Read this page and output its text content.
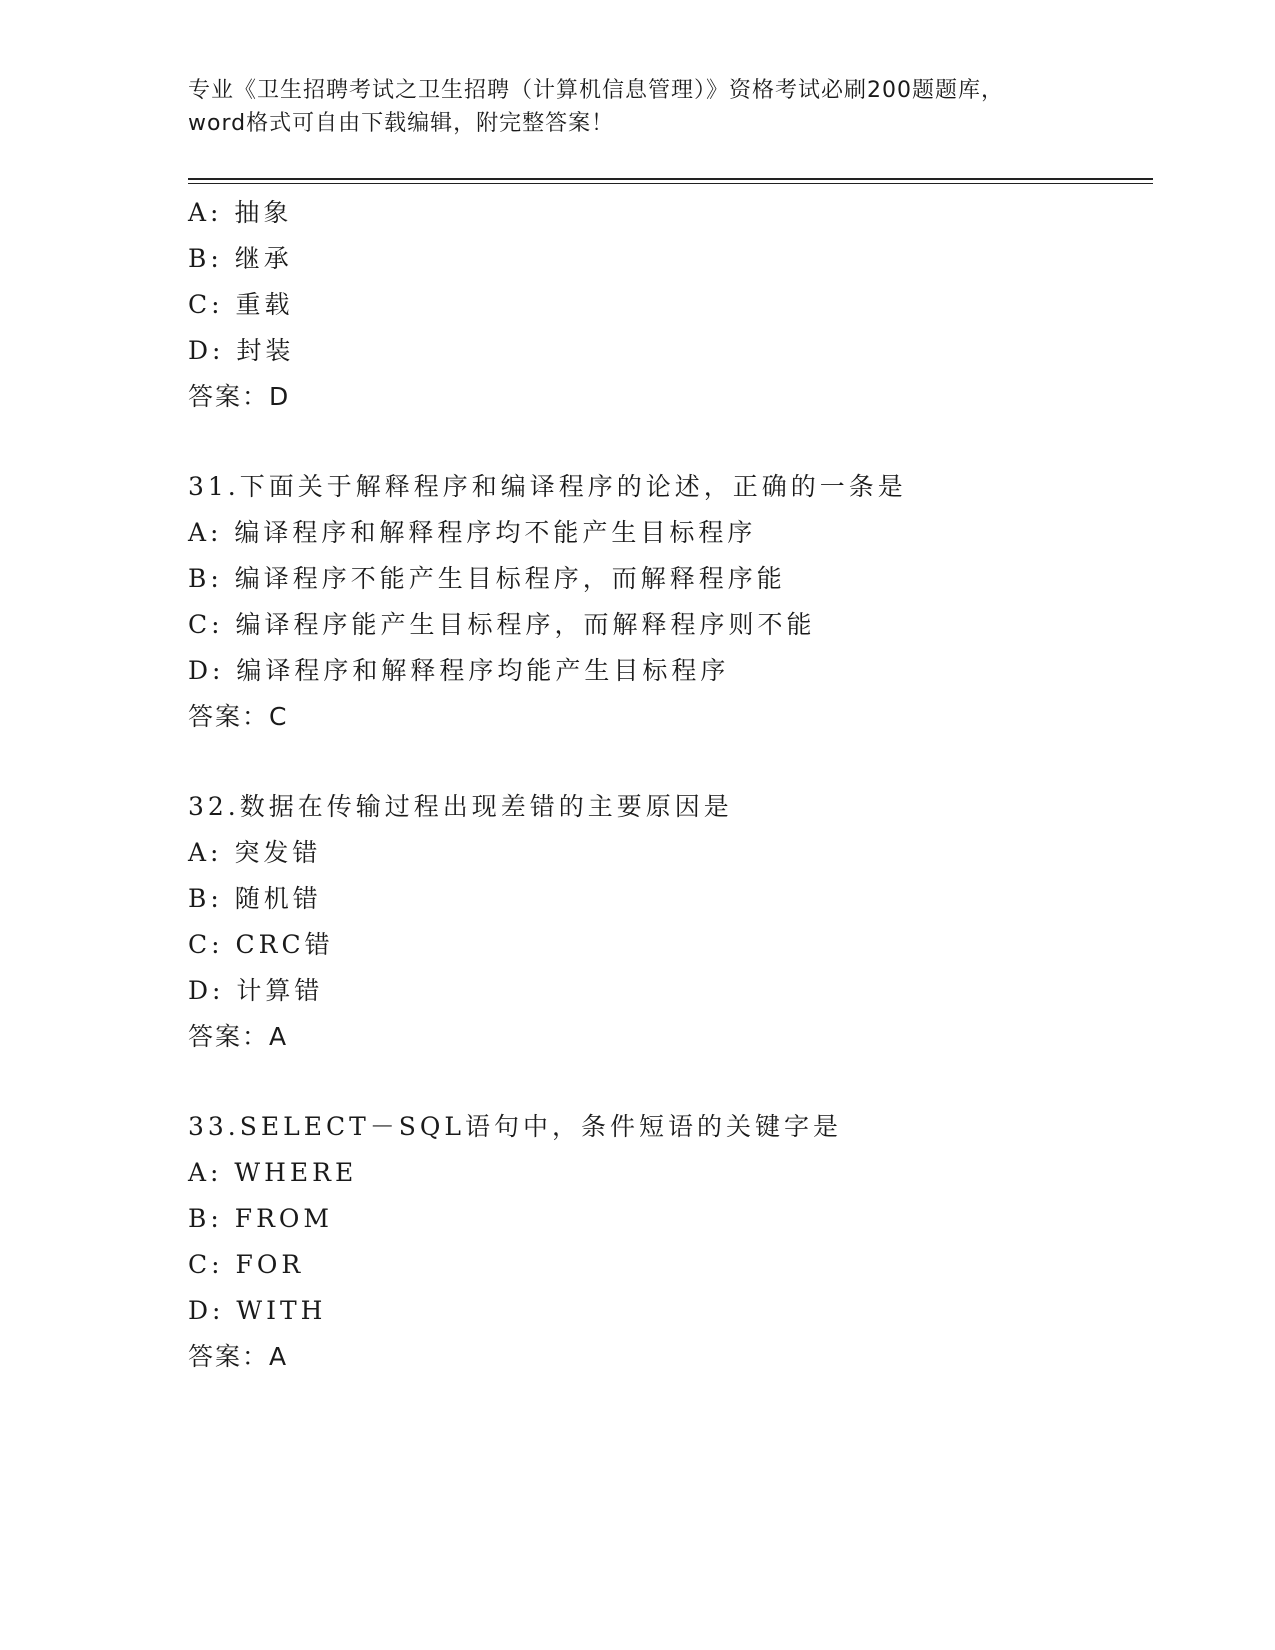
专业《卫生招聘考试之卫生招聘（计算机信息管理）》资格考试必刷200题题库，
word格式可自由下载编辑，附完整答案！
A: 抽象
B: 继承
C: 重载
D: 封装
答案：D
31.下面关于解释程序和编译程序的论述，正确的一条是
A: 编译程序和解释程序均不能产生目标程序
B: 编译程序不能产生目标程序，而解释程序能
C: 编译程序能产生目标程序，而解释程序则不能
D: 编译程序和解释程序均能产生目标程序
答案：C
32.数据在传输过程出现差错的主要原因是
A: 突发错
B: 随机错
C: CRC错
D: 计算错
答案：A
33.SELECT－SQL语句中，条件短语的关键字是
A: WHERE
B: FROM
C: FOR
D: WITH
答案：A
